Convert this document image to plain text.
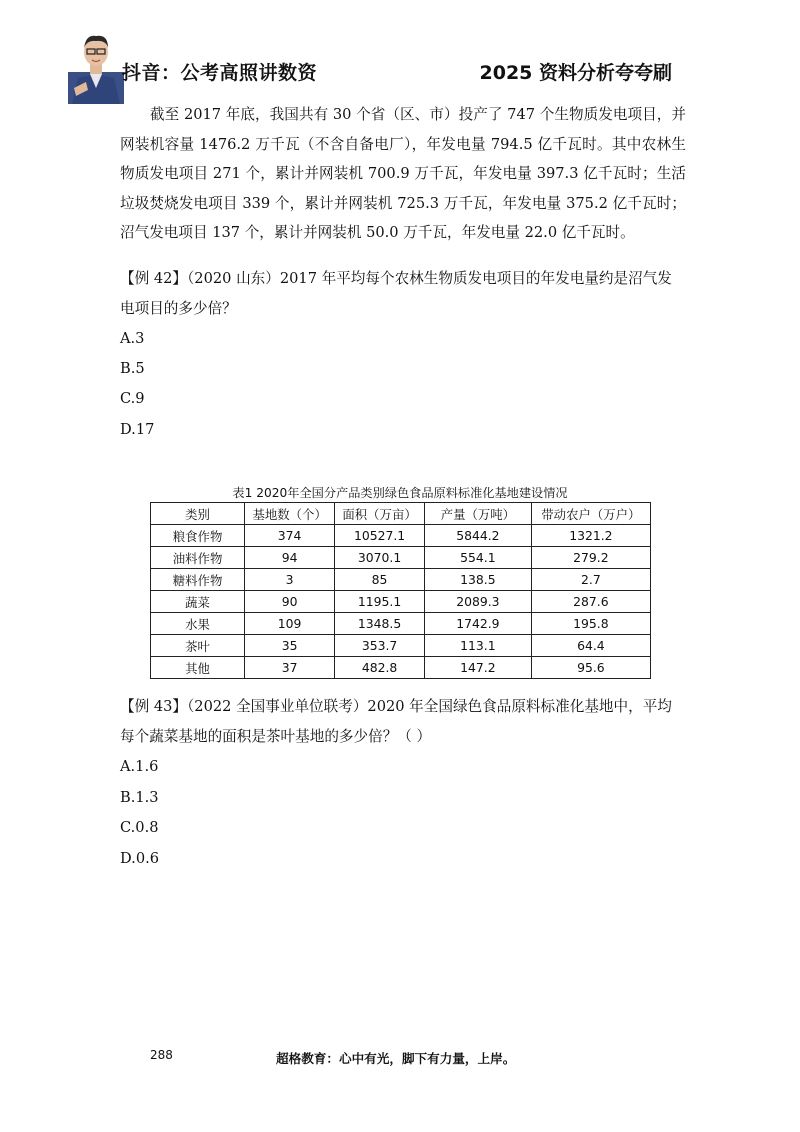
抖音：公考高照讲数资	2025 资料分析夸夸刷

截至 2017 年底，我国共有 30 个省（区、市）投产了 747 个生物质发电项目，并网装机容量 1476.2 万千瓦（不含自备电厂），年发电量 794.5 亿千瓦时。其中农林生物质发电项目 271 个，累计并网装机 700.9 万千瓦，年发电量 397.3 亿千瓦时；生活垃圾焚烧发电项目 339 个，累计并网装机 725.3 万千瓦，年发电量 375.2 亿千瓦时；沼气发电项目 137 个，累计并网装机 50.0 万千瓦，年发电量 22.0 亿千瓦时。

【例 42】（2020 山东）2017 年平均每个农林生物质发电项目的年发电量约是沼气发电项目的多少倍？

A.3
B.5
C.9
D.17
表1 2020年全国分产品类别绿色食品原料标准化基地建设情况
类别	基地数（个）	面积（万亩）	产量（万吨）	带动农户（万户）
粮食作物	374	10527.1	5844.2	1321.2
油料作物	94	3070.1	554.1	279.2
糖料作物	3	85	138.5	2.7
蔬菜	90	1195.1	2089.3	287.6
水果	109	1348.5	1742.9	195.8
茶叶	35	353.7	113.1	64.4
其他	37	482.8	147.2	95.6

【例 43】（2022 全国事业单位联考）2020 年全国绿色食品原料标准化基地中，平均每个蔬菜基地的面积是茶叶基地的多少倍？（ ）

A.1.6
B.1.3
C.0.8
D.0.6
288	超格教育：心中有光，脚下有力量，上岸。
